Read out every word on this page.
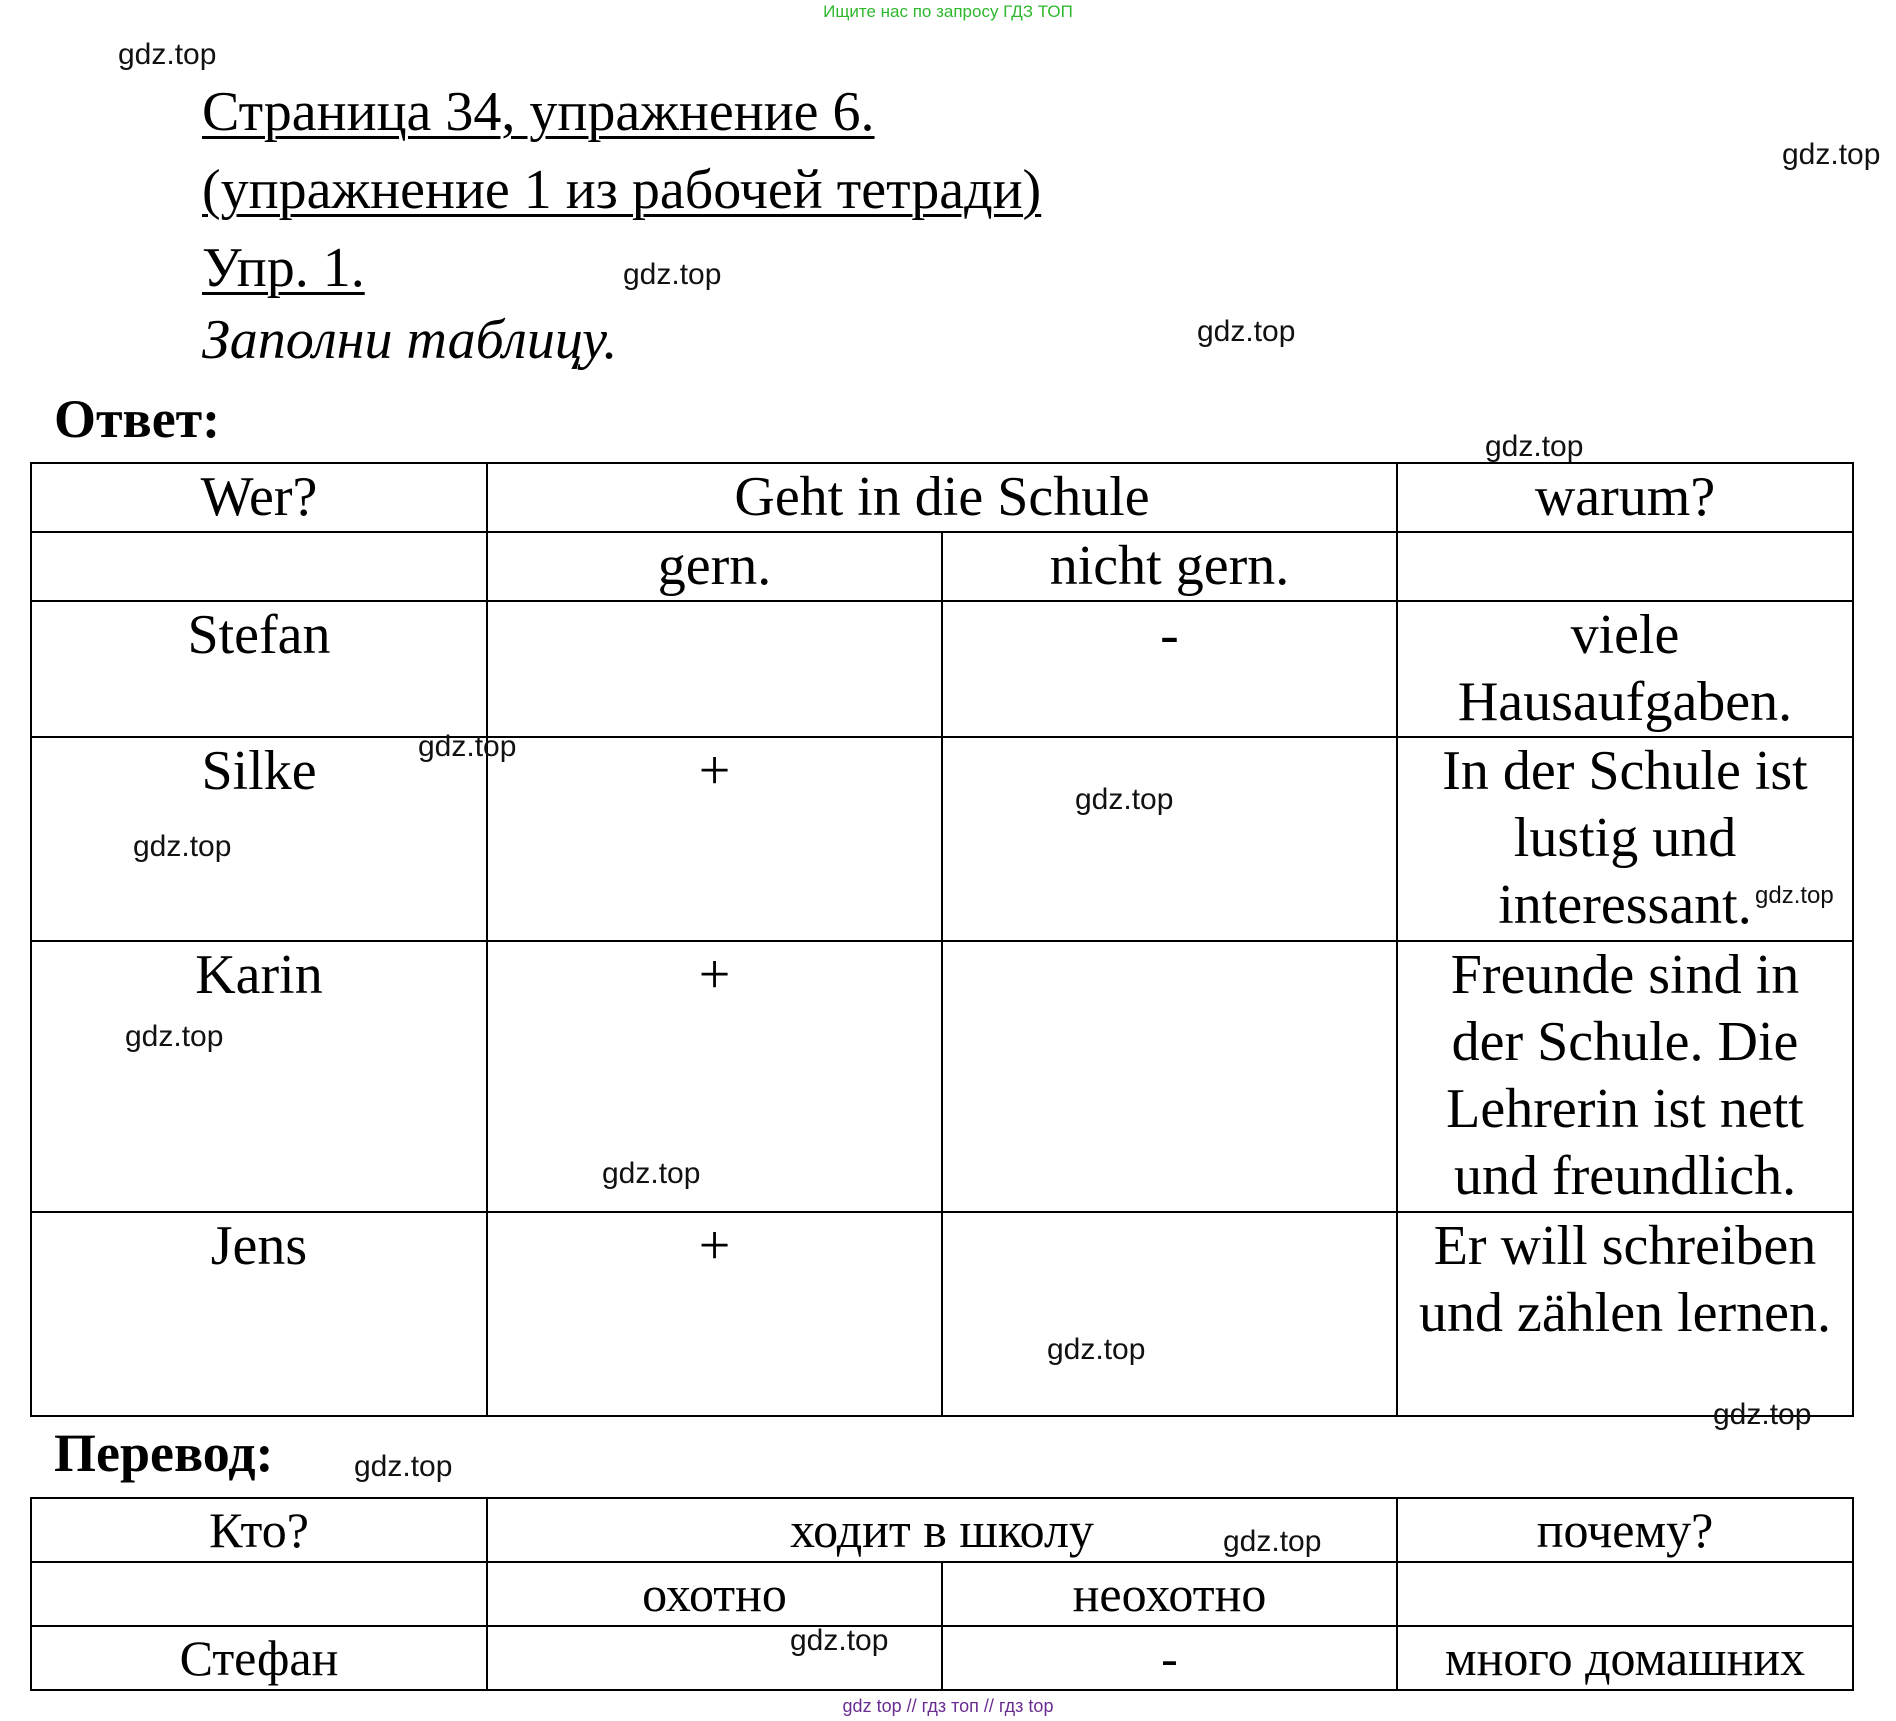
Ищите нас по запросу ГДЗ ТОП
Страница 34, упражнение 6.
(упражнение 1 из рабочей тетради)
Упр. 1.
Заполни таблицу.
Ответ:
Wer?	Geht in die Schule		warum?
	gern.	nicht gern.	
Stefan		-	viele Hausaufgaben.
Silke	+		In der Schule ist lustig und interessant.
Karin	+		Freunde sind in der Schule. Die Lehrerin ist nett und freundlich.
Jens	+		Er will schreiben und zählen lernen.
Перевод:
Кто?	ходит в школу		почему?
	охотно	неохотно	
Стефан		-	много домашних
gdz.top
gdz.top
gdz.top
gdz.top
gdz.top
gdz.top
gdz.top
gdz.top
gdz.top
gdz.top
gdz.top
gdz.top
gdz.top
gdz.top
gdz.top
gdz.top
gdz top // гдз топ // гдз top
